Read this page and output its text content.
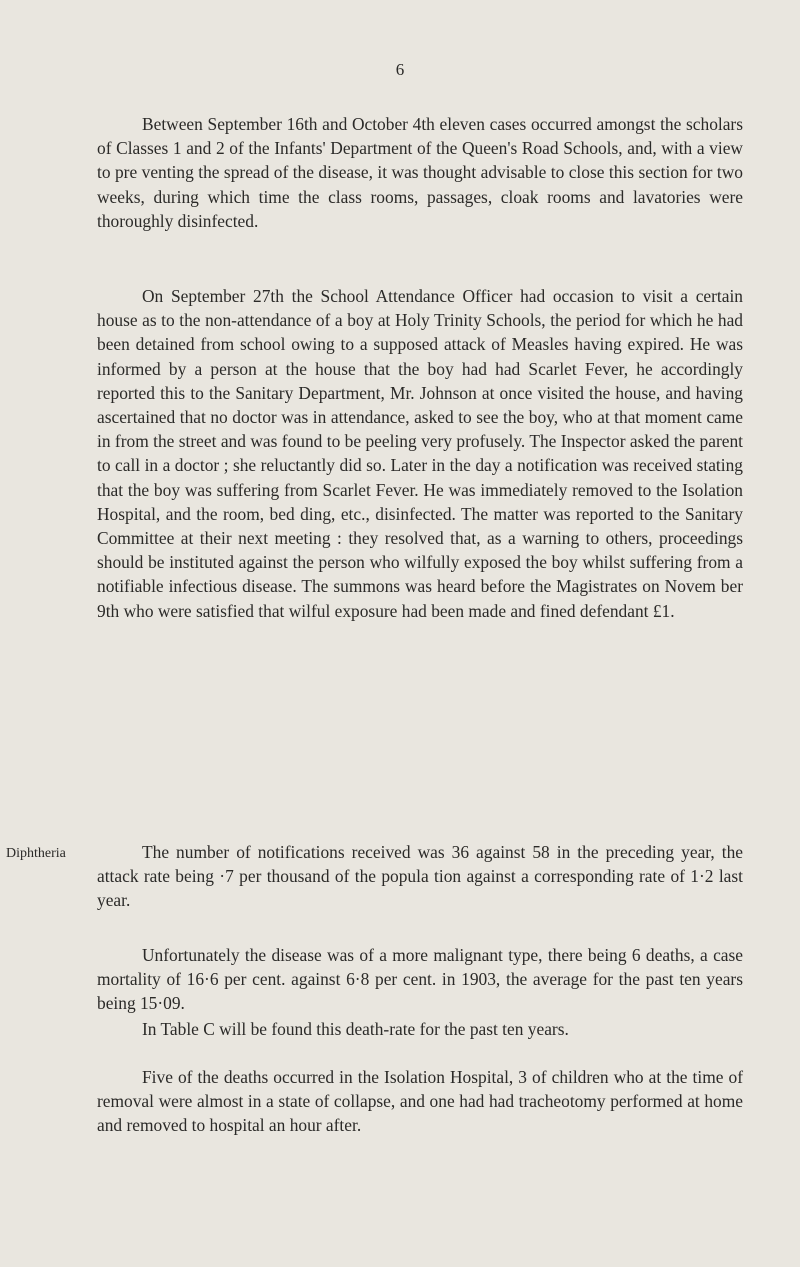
6

Between September 16th and October 4th eleven cases occurred amongst the scholars of Classes 1 and 2 of the Infants' Department of the Queen's Road Schools, and, with a view to pre venting the spread of the disease, it was thought advisable to close this section for two weeks, during which time the class rooms, passages, cloak rooms and lavatories were thoroughly disinfected.

On September 27th the School Attendance Officer had occasion to visit a certain house as to the non-attendance of a boy at Holy Trinity Schools, the period for which he had been detained from school owing to a supposed attack of Measles having expired. He was informed by a person at the house that the boy had had Scarlet Fever, he accordingly reported this to the Sanitary Department, Mr. Johnson at once visited the house, and having ascertained that no doctor was in attendance, asked to see the boy, who at that moment came in from the street and was found to be peeling very profusely. The Inspector asked the parent to call in a doctor ; she reluctantly did so. Later in the day a notification was received stating that the boy was suffering from Scarlet Fever. He was immediately removed to the Isolation Hospital, and the room, bed ding, etc., disinfected. The matter was reported to the Sanitary Committee at their next meeting : they resolved that, as a warning to others, proceedings should be instituted against the person who wilfully exposed the boy whilst suffering from a notifiable infectious disease. The summons was heard before the Magistrates on Novem ber 9th who were satisfied that wilful exposure had been made and fined defendant £1.

Diphtheria	The number of notifications received was 36 against 58 in the preceding year, the attack rate being ·7 per thousand of the popula tion against a corresponding rate of 1·2 last year.

Unfortunately the disease was of a more malignant type, there being 6 deaths, a case mortality of 16·6 per cent. against 6·8 per cent. in 1903, the average for the past ten years being 15·09.

In Table C will be found this death-rate for the past ten years.

Five of the deaths occurred in the Isolation Hospital, 3 of children who at the time of removal were almost in a state of collapse, and one had had tracheotomy performed at home and removed to hospital an hour after.
